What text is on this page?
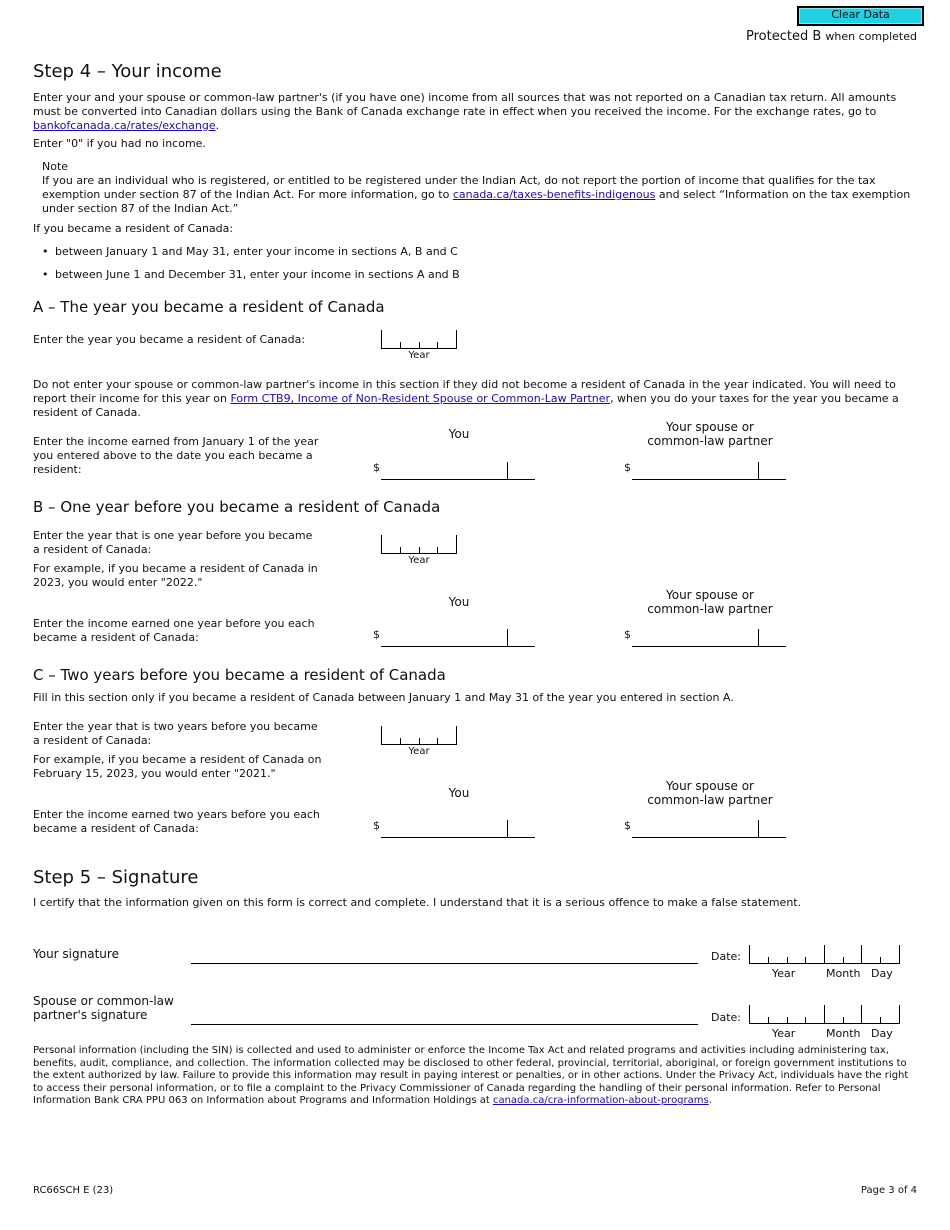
Clear Data
Protected B when completed
Step 4 – Your income
Enter your and your spouse or common-law partner's (if you have one) income from all sources that was not reported on a Canadian tax return. All amounts must be converted into Canadian dollars using the Bank of Canada exchange rate in effect when you received the income. For the exchange rates, go to bankofcanada.ca/rates/exchange.
Enter "0" if you had no income.
Note
If you are an individual who is registered, or entitled to be registered under the Indian Act, do not report the portion of income that qualifies for the tax exemption under section 87 of the Indian Act. For more information, go to canada.ca/taxes-benefits-indigenous and select “Information on the tax exemption under section 87 of the Indian Act.”
If you became a resident of Canada:
• between January 1 and May 31, enter your income in sections A, B and C
• between June 1 and December 31, enter your income in sections A and B
A – The year you became a resident of Canada
Enter the year you became a resident of Canada:
Year
Do not enter your spouse or common-law partner's income in this section if they did not become a resident of Canada in the year indicated. You will need to report their income for this year on Form CTB9, Income of Non-Resident Spouse or Common-Law Partner, when you do your taxes for the year you became a resident of Canada.
You	Your spouse or common-law partner
Enter the income earned from January 1 of the year you entered above to the date you each became a resident:	$	$
B – One year before you became a resident of Canada
Enter the year that is one year before you became a resident of Canada:
For example, if you became a resident of Canada in 2023, you would enter "2022."
Year
You	Your spouse or common-law partner
Enter the income earned one year before you each became a resident of Canada:	$	$
C – Two years before you became a resident of Canada
Fill in this section only if you became a resident of Canada between January 1 and May 31 of the year you entered in section A.
Enter the year that is two years before you became a resident of Canada:
For example, if you became a resident of Canada on February 15, 2023, you would enter "2021."
Year
You	Your spouse or common-law partner
Enter the income earned two years before you each became a resident of Canada:	$	$
Step 5 – Signature
I certify that the information given on this form is correct and complete. I understand that it is a serious offence to make a false statement.
Your signature	Date:
Year	Month Day
Spouse or common-law partner's signature	Date:
Year	Month Day
Personal information (including the SIN) is collected and used to administer or enforce the Income Tax Act and related programs and activities including administering tax, benefits, audit, compliance, and collection. The information collected may be disclosed to other federal, provincial, territorial, aboriginal, or foreign government institutions to the extent authorized by law. Failure to provide this information may result in paying interest or penalties, or in other actions. Under the Privacy Act, individuals have the right to access their personal information, or to file a complaint to the Privacy Commissioner of Canada regarding the handling of their personal information. Refer to Personal Information Bank CRA PPU 063 on Information about Programs and Information Holdings at canada.ca/cra-information-about-programs.
RC66SCH E (23)	Page 3 of 4
